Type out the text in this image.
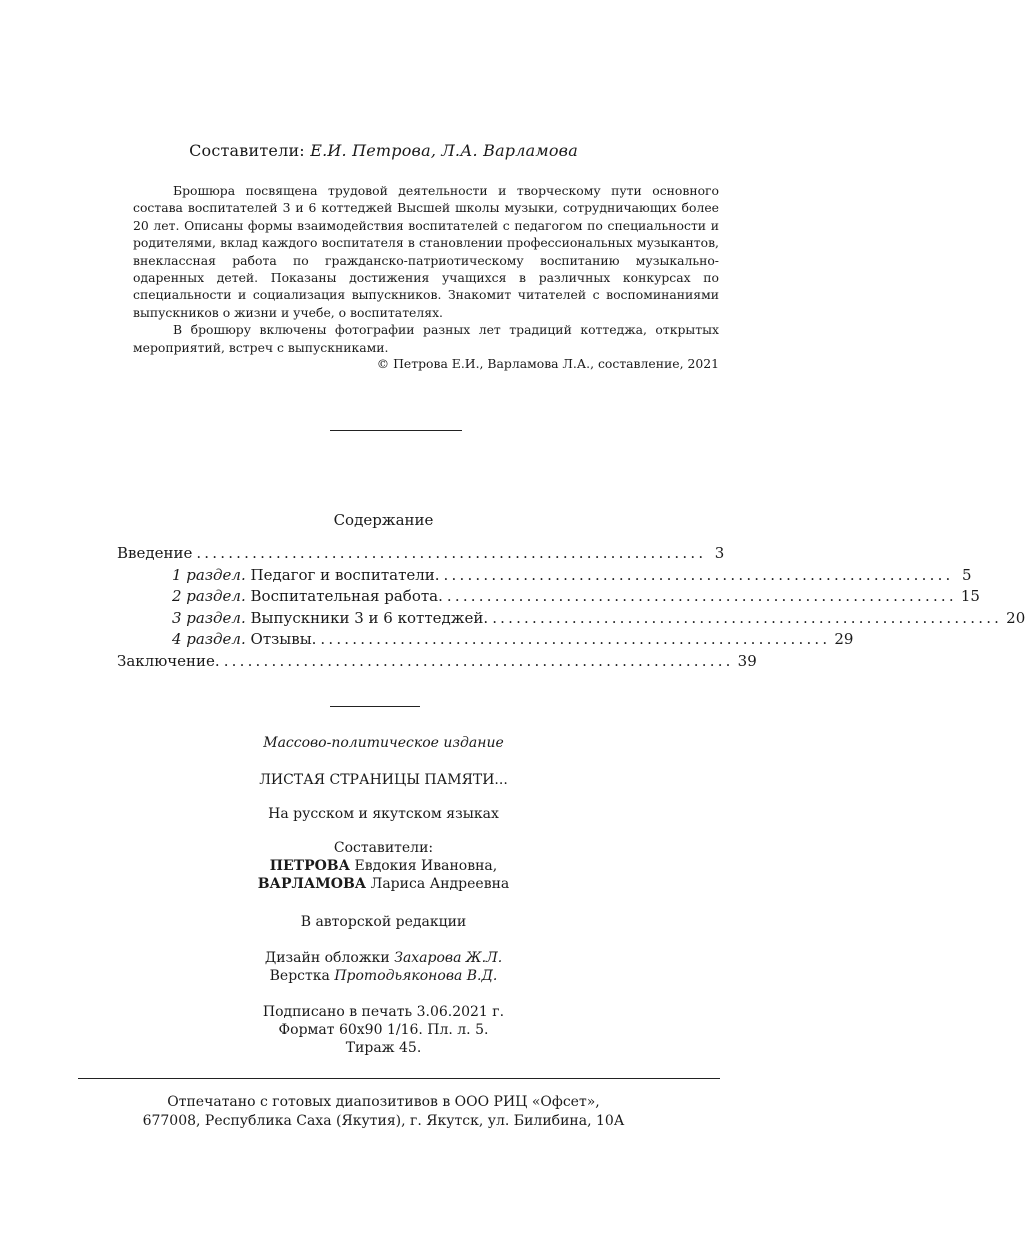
Составители: Е.И. Петрова, Л.А. Варламова

Брошюра посвящена трудовой деятельности и творческому пути основного состава воспитателей 3 и 6 коттеджей Высшей школы музыки, сотрудничающих более 20 лет. Описаны формы взаимодействия воспитателей с педагогом по специальности и родителями, вклад каждого воспитателя в становлении профессиональных музыкантов, внеклассная работа по гражданско-патриотическому воспитанию музыкально-одаренных детей. Показаны достижения учащихся в различных конкурсах по специальности и социализация выпускников. Знакомит читателей с воспоминаниями выпускников о жизни и учебе, о воспитателях.

В брошюру включены фотографии разных лет традиций коттеджа, открытых мероприятий, встреч с выпускниками.

© Петрова Е.И., Варламова Л.А., составление, 2021
Содержание
Введение ................................................................ 3
1 раздел. Педагог и воспитатели. ................................................................ 5
2 раздел. Воспитательная работа. ................................................................ 15
3 раздел. Выпускники 3 и 6 коттеджей. ................................................................ 20
4 раздел. Отзывы. ................................................................ 29
Заключение. ................................................................ 39
Массово-политическое издание
ЛИСТАЯ СТРАНИЦЫ ПАМЯТИ...
На русском и якутском языках
Составители:
ПЕТРОВА Евдокия Ивановна,
ВАРЛАМОВА Лариса Андреевна
В авторской редакции
Дизайн обложки Захарова Ж.Л.
Верстка Протодьяконова В.Д.
Подписано в печать 3.06.2021 г.
Формат 60х90 1/16. Пл. л. 5.
Тираж 45.
Отпечатано с готовых диапозитивов в ООО РИЦ «Офсет»,
677008, Республика Саха (Якутия), г. Якутск, ул. Билибина, 10А
